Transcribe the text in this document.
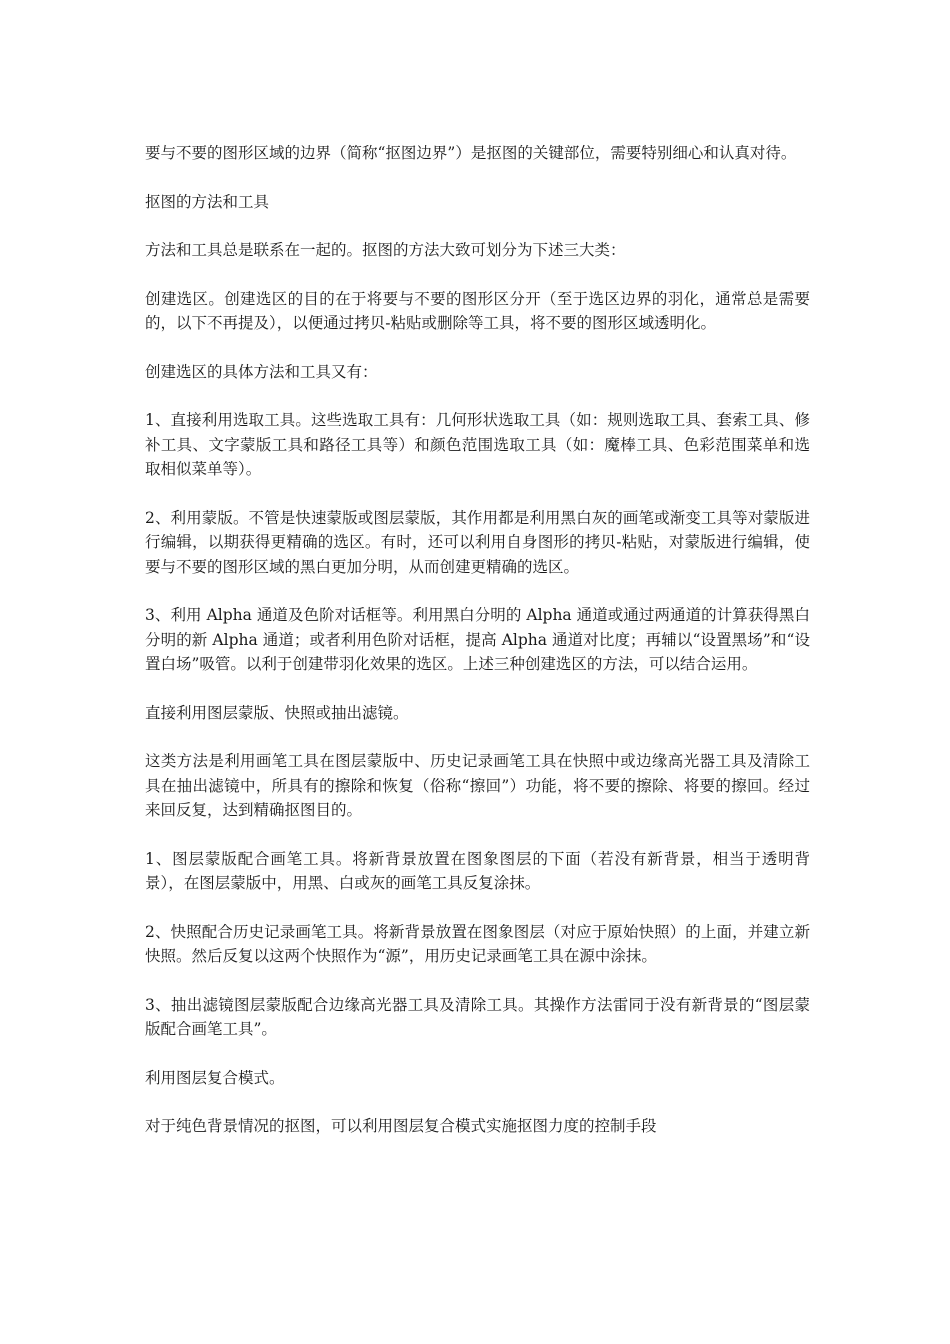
要与不要的图形区域的边界（简称“抠图边界”）是抠图的关键部位，需要特别细心和认真对待。

抠图的方法和工具

方法和工具总是联系在一起的。抠图的方法大致可划分为下述三大类：

创建选区。创建选区的目的在于将要与不要的图形区分开（至于选区边界的羽化，通常总是需要的，以下不再提及），以便通过拷贝-粘贴或删除等工具，将不要的图形区域透明化。

创建选区的具体方法和工具又有：

1、直接利用选取工具。这些选取工具有：几何形状选取工具（如：规则选取工具、套索工具、修补工具、文字蒙版工具和路径工具等）和颜色范围选取工具（如：魔棒工具、色彩范围菜单和选取相似菜单等）。

2、利用蒙版。不管是快速蒙版或图层蒙版，其作用都是利用黑白灰的画笔或渐变工具等对蒙版进行编辑，以期获得更精确的选区。有时，还可以利用自身图形的拷贝-粘贴，对蒙版进行编辑，使要与不要的图形区域的黑白更加分明，从而创建更精确的选区。

3、利用 Alpha 通道及色阶对话框等。利用黑白分明的 Alpha 通道或通过两通道的计算获得黑白分明的新 Alpha 通道；或者利用色阶对话框，提高 Alpha 通道对比度；再辅以“设置黑场”和“设置白场”吸管。以利于创建带羽化效果的选区。上述三种创建选区的方法，可以结合运用。

直接利用图层蒙版、快照或抽出滤镜。

这类方法是利用画笔工具在图层蒙版中、历史记录画笔工具在快照中或边缘高光器工具及清除工具在抽出滤镜中，所具有的擦除和恢复（俗称“擦回”）功能，将不要的擦除、将要的擦回。经过来回反复，达到精确抠图目的。

1、图层蒙版配合画笔工具。将新背景放置在图象图层的下面（若没有新背景，相当于透明背景），在图层蒙版中，用黑、白或灰的画笔工具反复涂抹。

2、快照配合历史记录画笔工具。将新背景放置在图象图层（对应于原始快照）的上面，并建立新快照。然后反复以这两个快照作为“源”，用历史记录画笔工具在源中涂抹。

3、抽出滤镜图层蒙版配合边缘高光器工具及清除工具。其操作方法雷同于没有新背景的“图层蒙版配合画笔工具”。

利用图层复合模式。

对于纯色背景情况的抠图，可以利用图层复合模式实施抠图力度的控制手段
